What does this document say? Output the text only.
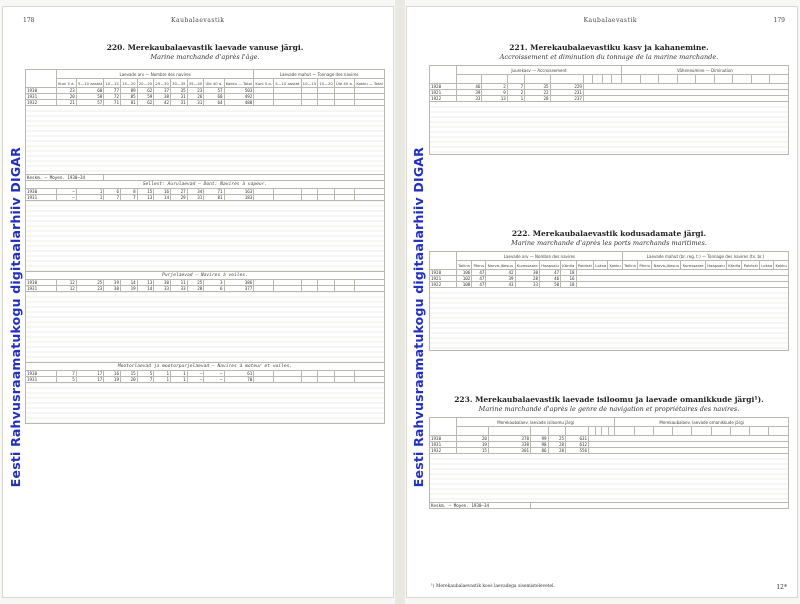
Eesti Rahvusraamatukogu digitaalarhiiv DIGAR
178	Kaubalaevastik
220. Merekaubalaevastik laevade vanuse järgi.
Marine marchande d'après l'âge.
	Laevade arv — Nombre des navires										Laevade mahut — Tonnage des navires					
	Kuni 5 a.	5—10 aastat	10—15	15—20	20—25	25—30	30—35	35—40	Üle 40 a.	Kokku — Total	Kuni 5 a.	5—10 aastat	10—15	15—20	Üle 40 a.	Kokku — Total
1930	23	60	77	89	62	37	35	23	57	503						
1931	20	58	72	85	59	38	31	26	60	492						
1932	21	57	71	81	62	42	31	31	64	480						

Keskm. — Moyen. 1930—34																
Sellest: Aurulaevad — Dont: Navires à vapeur.																
1930	—	1	6	8	15	16	27	34	71	163						
1931	—	1	7	7	13	14	29	31	81	183						

Purjelaevad — Navires à voiles.																
1930	12	25	39	14	13	30	11	25	3	386						
1931	12	23	30	19	14	33	33	28	6	377						

Mootorlaevad ja mootorpurjelaevad — Navires à moteur et voiles.																
1930	7	17	16	15	5	1	1	—	—	61						
1931	5	17	19	20	7	1	1	—	—	70							Eesti Rahvusraamatukogu digitaalarhiiv DIGAR
Kaubalaevastik	179
221. Merekaubalaevastiku kasv ja kahanemine.
Accroissement et diminution du tonnage de la marine marchande.
	Juurekasv — Accroissement									Väheneumine — Diminution								

1920	46	2	7	35	229													
1921	39	9	2	22	231													
1922	33	13	1	28	237													

222. Merekaubalaevastik kodusadamate järgi.
Marine marchande d'après les ports marchands maritimes.
	Laevade arv — Nombre des navires									Laevade mahut (br. reg. t.) — Tonnage des navires (tx. br.)								
	Tallinn	Pärnu	Narva-Jõesuu	Kuressaare	Haapsalu	Kärdla	Paldiski	Loksa	Kokku	Tallinn	Pärnu	Narva-Jõesuu	Kuressaare	Haapsalu	Kärdla	Paldiski	Loksa	Kokku
1920	106	47	42	30	47	18												
1921	102	47	39	28	46	16												
1922	108	47	43	33	50	18												

223. Merekaubalaevastik laevade isiloomu ja laevade omanikkude järgi¹).
Marine marchande d'après le genre de navigation et propriétaires des navires.
	Merekaubalaev. laevade isiloomu järgi									Merekaubalaev. laevade omanikkude järgi								

1930	20	378	99	25	631													
1931	19	338	98	28	612													
1932	15	301	86	28	556													

Keskm. — Moyen. 1930—34																		
¹) Merekaubalaevastik koos laevadega sisemistelevetel.	12*
